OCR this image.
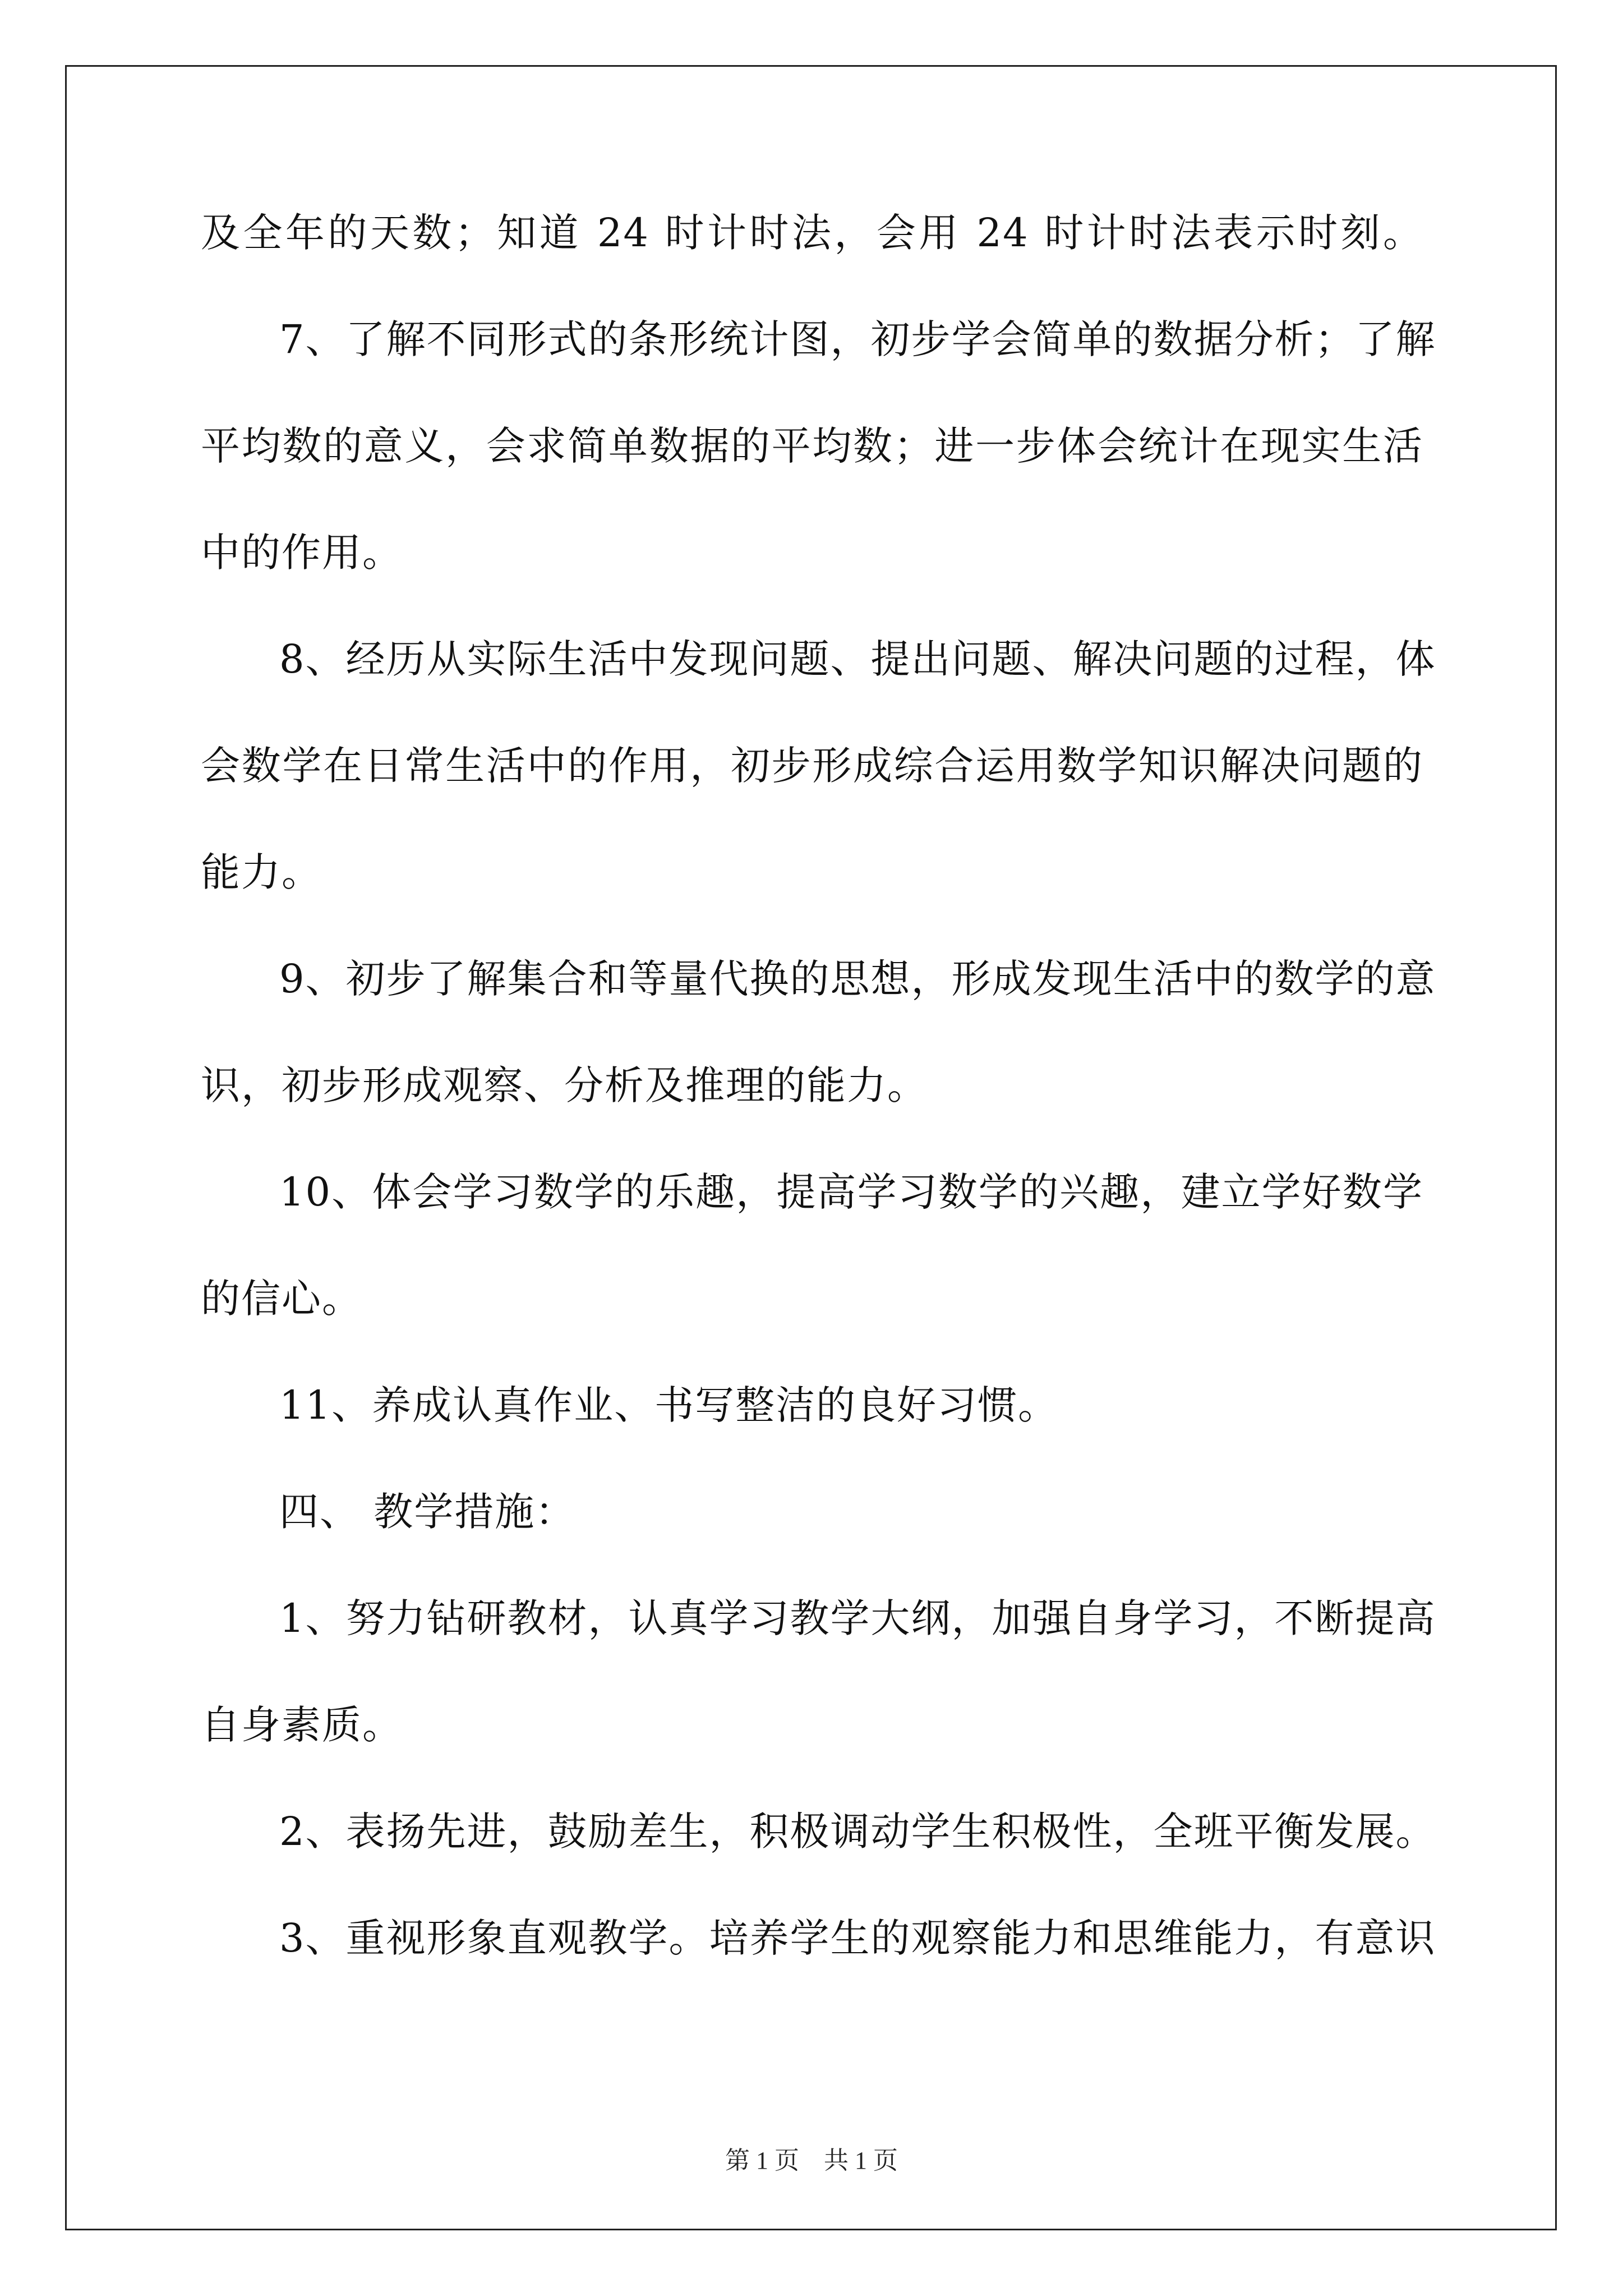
及全年的天数；知道 24 时计时法，会用 24 时计时法表示时刻。
7、了解不同形式的条形统计图，初步学会简单的数据分析；了解
平均数的意义，会求简单数据的平均数；进一步体会统计在现实生活
中的作用。
8、经历从实际生活中发现问题、提出问题、解决问题的过程，体
会数学在日常生活中的作用，初步形成综合运用数学知识解决问题的
能力。
9、初步了解集合和等量代换的思想，形成发现生活中的数学的意
识，初步形成观察、分析及推理的能力。
10、体会学习数学的乐趣，提高学习数学的兴趣，建立学好数学
的信心。
11、养成认真作业、书写整洁的良好习惯。
四、 教学措施：
1、努力钻研教材，认真学习教学大纲，加强自身学习，不断提高
自身素质。
2、表扬先进，鼓励差生，积极调动学生积极性，全班平衡发展。
3、重视形象直观教学。培养学生的观察能力和思维能力，有意识
第 1 页 共 1 页
